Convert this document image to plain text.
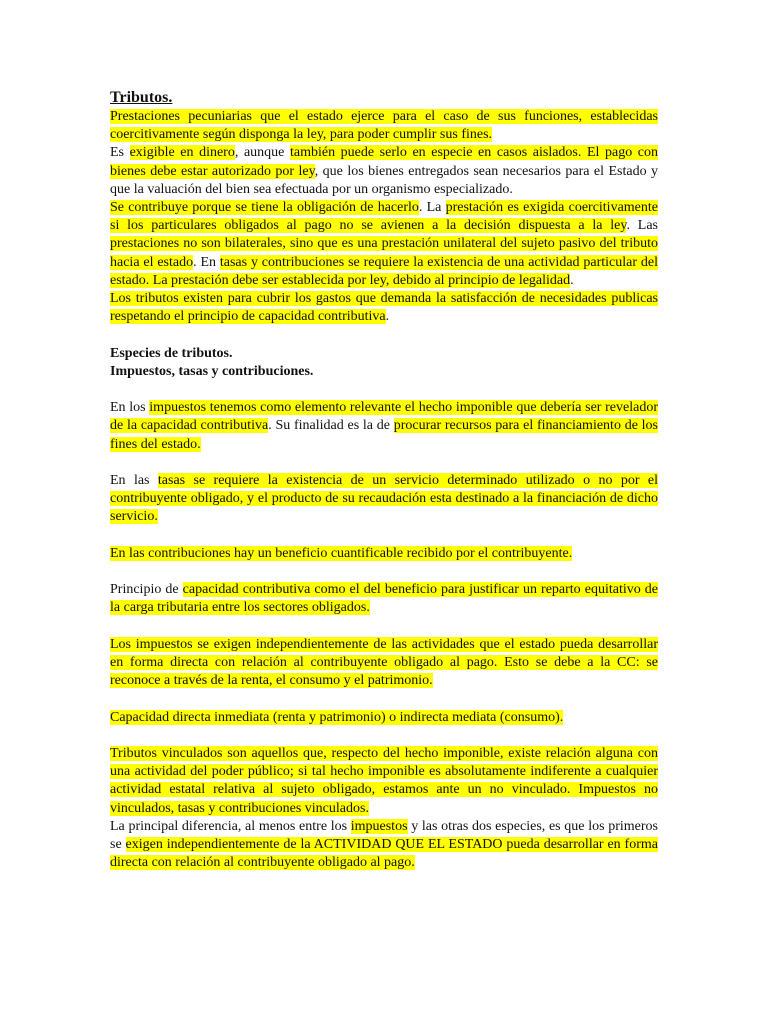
Tributos.

Prestaciones pecuniarias que el estado ejerce para el caso de sus funciones, establecidas coercitivamente según disponga la ley, para poder cumplir sus fines.

Es exigible en dinero, aunque también puede serlo en especie en casos aislados. El pago con bienes debe estar autorizado por ley, que los bienes entregados sean necesarios para el Estado y que la valuación del bien sea efectuada por un organismo especializado.

Se contribuye porque se tiene la obligación de hacerlo. La prestación es exigida coercitivamente si los particulares obligados al pago no se avienen a la decisión dispuesta a la ley. Las prestaciones no son bilaterales, sino que es una prestación unilateral del sujeto pasivo del tributo hacia el estado. En tasas y contribuciones se requiere la existencia de una actividad particular del estado. La prestación debe ser establecida por ley, debido al principio de legalidad.

Los tributos existen para cubrir los gastos que demanda la satisfacción de necesidades publicas respetando el principio de capacidad contributiva.

Especies de tributos.
Impuestos, tasas y contribuciones.

En los impuestos tenemos como elemento relevante el hecho imponible que debería ser revelador de la capacidad contributiva. Su finalidad es la de procurar recursos para el financiamiento de los fines del estado.

En las tasas se requiere la existencia de un servicio determinado utilizado o no por el contribuyente obligado, y el producto de su recaudación esta destinado a la financiación de dicho servicio.

En las contribuciones hay un beneficio cuantificable recibido por el contribuyente.

Principio de capacidad contributiva como el del beneficio para justificar un reparto equitativo de la carga tributaria entre los sectores obligados.

Los impuestos se exigen independientemente de las actividades que el estado pueda desarrollar en forma directa con relación al contribuyente obligado al pago. Esto se debe a la CC: se reconoce a través de la renta, el consumo y el patrimonio.

Capacidad directa inmediata (renta y patrimonio) o indirecta mediata (consumo).

Tributos vinculados son aquellos que, respecto del hecho imponible, existe relación alguna con una actividad del poder público; si tal hecho imponible es absolutamente indiferente a cualquier actividad estatal relativa al sujeto obligado, estamos ante un no vinculado. Impuestos no vinculados, tasas y contribuciones vinculados.

La principal diferencia, al menos entre los impuestos y las otras dos especies, es que los primeros se exigen independientemente de la ACTIVIDAD QUE EL ESTADO pueda desarrollar en forma directa con relación al contribuyente obligado al pago.
